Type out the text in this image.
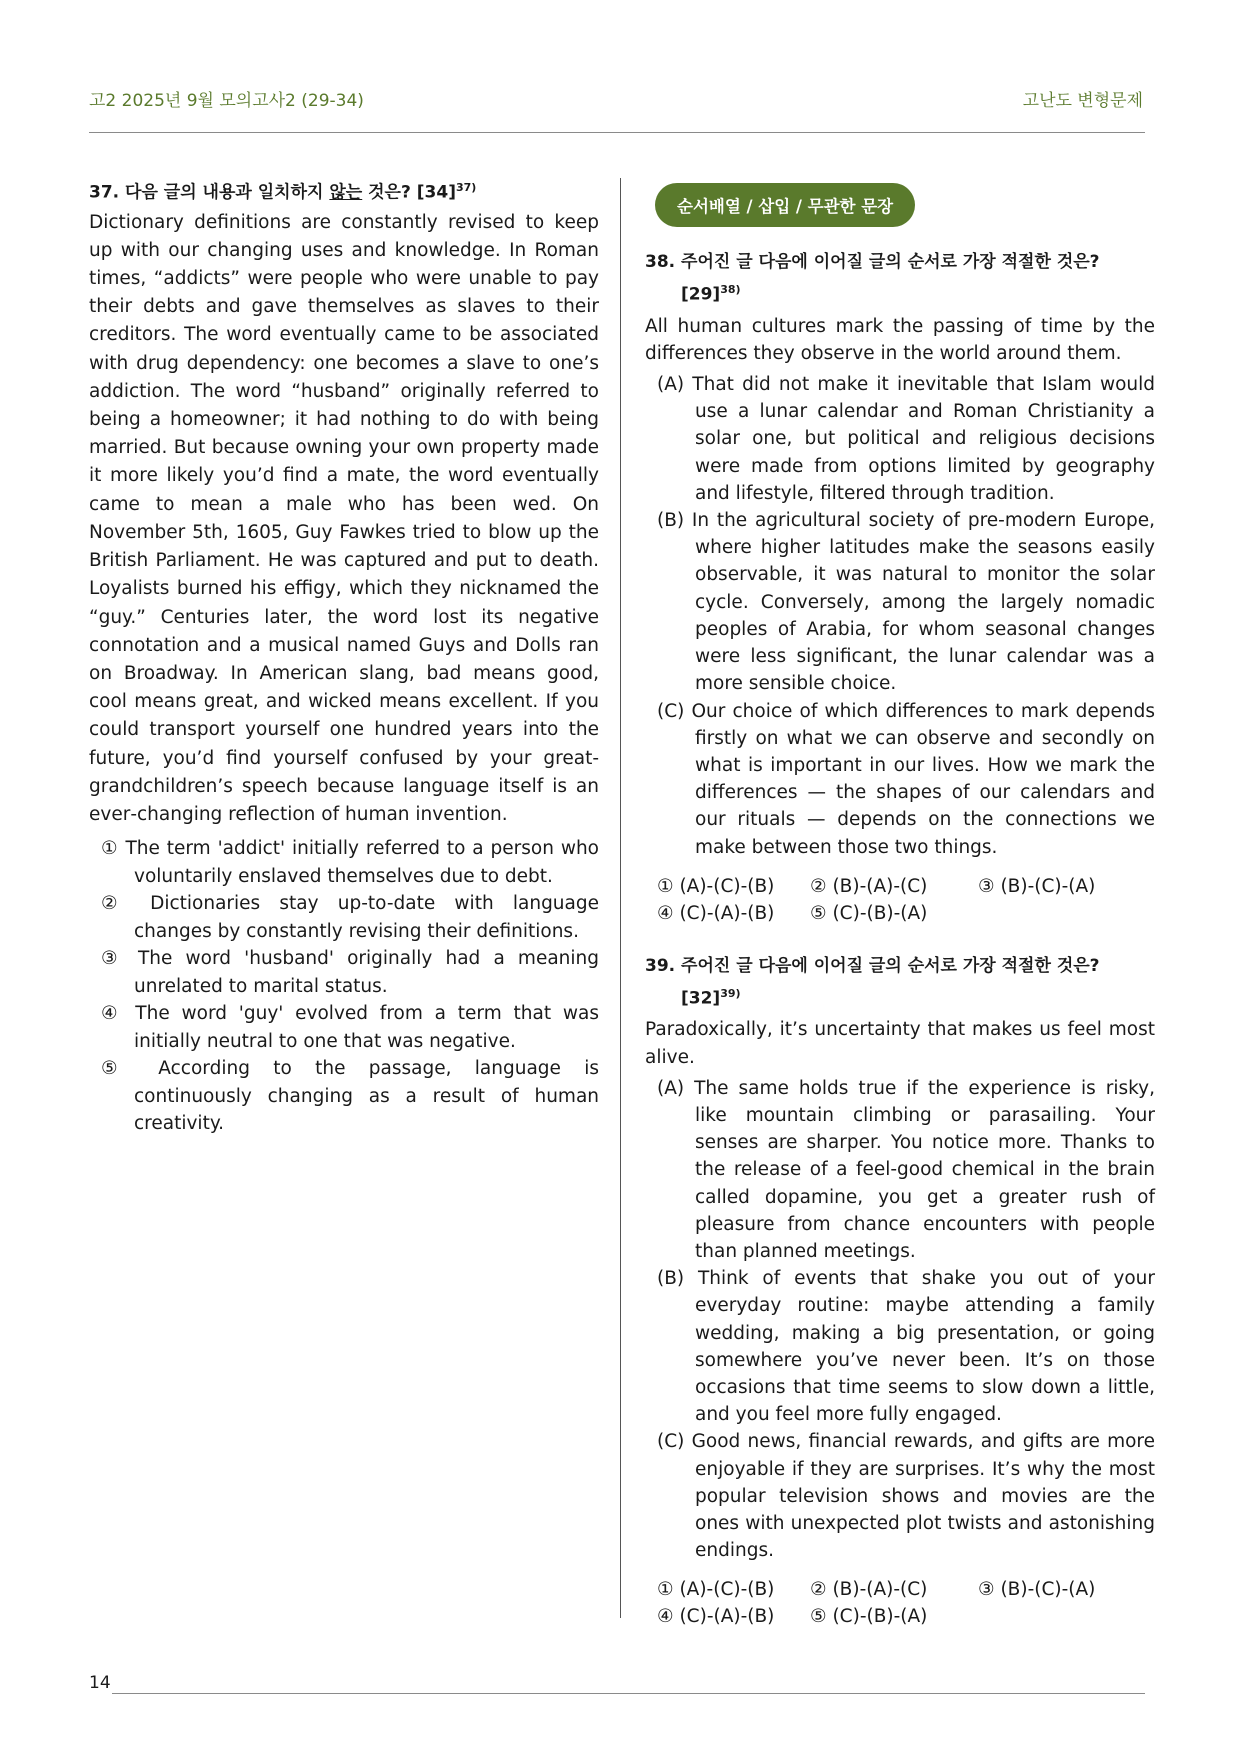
고2 2025년 9월 모의고사2 (29-34)	고난도 변형문제
37. 다음 글의 내용과 일치하지 않는 것은? $[34]^{37)}$
Dictionary definitions are constantly revised to keep up with our changing uses and knowledge. In Roman times, “addicts” were people who were unable to pay their debts and gave themselves as slaves to their creditors. The word eventually came to be associated with drug dependency: one becomes a slave to one’s addiction. The word “husband” originally referred to being a homeowner; it had nothing to do with being married. But because owning your own property made it more likely you’d find a mate, the word eventually came to mean a male who has been wed. On November 5th, 1605, Guy Fawkes tried to blow up the British Parliament. He was captured and put to death. Loyalists burned his effigy, which they nicknamed the “guy.” Centuries later, the word lost its negative connotation and a musical named Guys and Dolls ran on Broadway. In American slang, bad means good, cool means great, and wicked means excellent. If you could transport yourself one hundred years into the future, you’d find yourself confused by your great‐grandchildren’s speech because language itself is an ever‐changing reflection of human invention.
① The term 'addict' initially referred to a person who voluntarily enslaved themselves due to debt.
② Dictionaries stay up-to-date with language changes by constantly revising their definitions.
③ The word 'husband' originally had a meaning unrelated to marital status.
④ The word 'guy' evolved from a term that was initially neutral to one that was negative.
⑤ According to the passage, language is continuously changing as a result of human creativity.
순서배열 / 삽입 / 무관한 문장
38. 주어진 글 다음에 이어질 글의 순서로 가장 적절한 것은? $[29]^{38)}$
All human cultures mark the passing of time by the differences they observe in the world around them.
(A) That did not make it inevitable that Islam would use a lunar calendar and Roman Christianity a solar one, but political and religious decisions were made from options limited by geography and lifestyle, filtered through tradition.
(B) In the agricultural society of pre‐modern Europe, where higher latitudes make the seasons easily observable, it was natural to monitor the solar cycle. Conversely, among the largely nomadic peoples of Arabia, for whom seasonal changes were less significant, the lunar calendar was a more sensible choice.
(C) Our choice of which differences to mark depends firstly on what we can observe and secondly on what is important in our lives. How we mark the differences — the shapes of our calendars and our rituals — depends on the connections we make between those two things.
① (A)-(C)-(B) ② (B)-(A)-(C)	③ (B)-(C)-(A)
④ (C)-(A)-(B) ⑤ (C)-(B)-(A)
39. 주어진 글 다음에 이어질 글의 순서로 가장 적절한 것은? $[32]^{39)}$
Paradoxically, it’s uncertainty that makes us feel most alive.
(A) The same holds true if the experience is risky, like mountain climbing or parasailing. Your senses are sharper. You notice more. Thanks to the release of a feel‐good chemical in the brain called dopamine, you get a greater rush of pleasure from chance encounters with people than planned meetings.
(B) Think of events that shake you out of your everyday routine: maybe attending a family wedding, making a big presentation, or going somewhere you’ve never been. It’s on those occasions that time seems to slow down a little, and you feel more fully engaged.
(C) Good news, financial rewards, and gifts are more enjoyable if they are surprises. It’s why the most popular television shows and movies are the ones with unexpected plot twists and astonishing endings.
① (A)-(C)-(B) ② (B)-(A)-(C)	③ (B)-(C)-(A)
④ (C)-(A)-(B) ⑤ (C)-(B)-(A)
14
